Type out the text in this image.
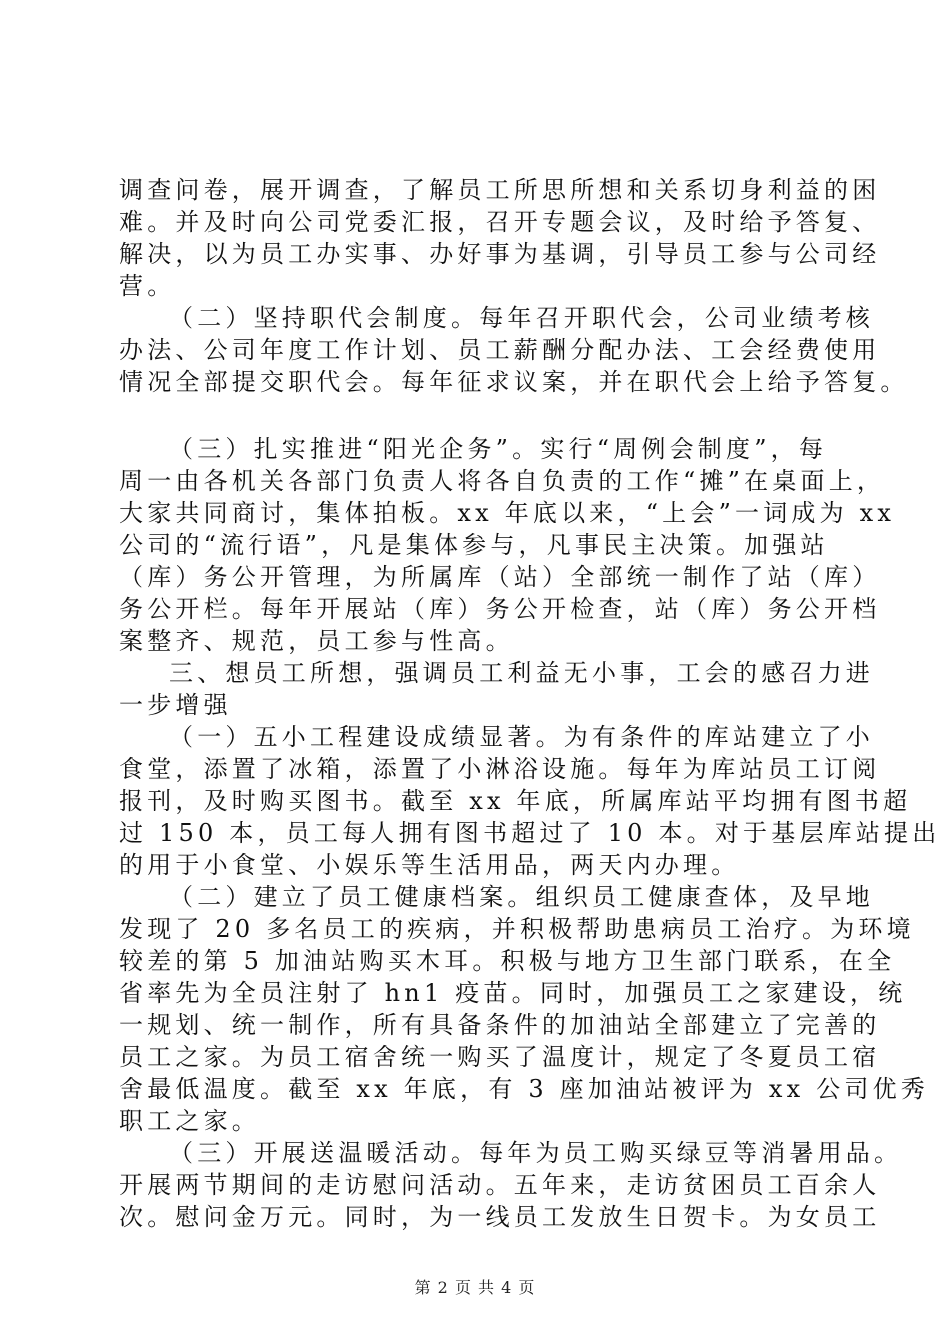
调查问卷，展开调查，了解员工所思所想和关系切身利益的困
难。并及时向公司党委汇报，召开专题会议，及时给予答复、
解决，以为员工办实事、办好事为基调，引导员工参与公司经
营。
（二）坚持职代会制度。每年召开职代会，公司业绩考核
办法、公司年度工作计划、员工薪酬分配办法、工会经费使用
情况全部提交职代会。每年征求议案，并在职代会上给予答复。
（三）扎实推进“阳光企务”。实行“周例会制度”，每
周一由各机关各部门负责人将各自负责的工作“摊”在桌面上，
大家共同商讨，集体拍板。xx 年底以来，“上会”一词成为 xx
公司的“流行语”，凡是集体参与，凡事民主决策。加强站
（库）务公开管理，为所属库（站）全部统一制作了站（库）
务公开栏。每年开展站（库）务公开检查，站（库）务公开档
案整齐、规范，员工参与性高。
三、想员工所想，强调员工利益无小事，工会的感召力进
一步增强
（一）五小工程建设成绩显著。为有条件的库站建立了小
食堂，添置了冰箱，添置了小淋浴设施。每年为库站员工订阅
报刊，及时购买图书。截至 xx 年底，所属库站平均拥有图书超
过 150 本，员工每人拥有图书超过了 10 本。对于基层库站提出
的用于小食堂、小娱乐等生活用品，两天内办理。
（二）建立了员工健康档案。组织员工健康查体，及早地
发现了 20 多名员工的疾病，并积极帮助患病员工治疗。为环境
较差的第 5 加油站购买木耳。积极与地方卫生部门联系，在全
省率先为全员注射了 hn1 疫苗。同时，加强员工之家建设，统
一规划、统一制作，所有具备条件的加油站全部建立了完善的
员工之家。为员工宿舍统一购买了温度计，规定了冬夏员工宿
舍最低温度。截至 xx 年底，有 3 座加油站被评为 xx 公司优秀
职工之家。
（三）开展送温暖活动。每年为员工购买绿豆等消暑用品。
开展两节期间的走访慰问活动。五年来，走访贫困员工百余人
次。慰问金万元。同时，为一线员工发放生日贺卡。为女员工
第 2 页 共 4 页
